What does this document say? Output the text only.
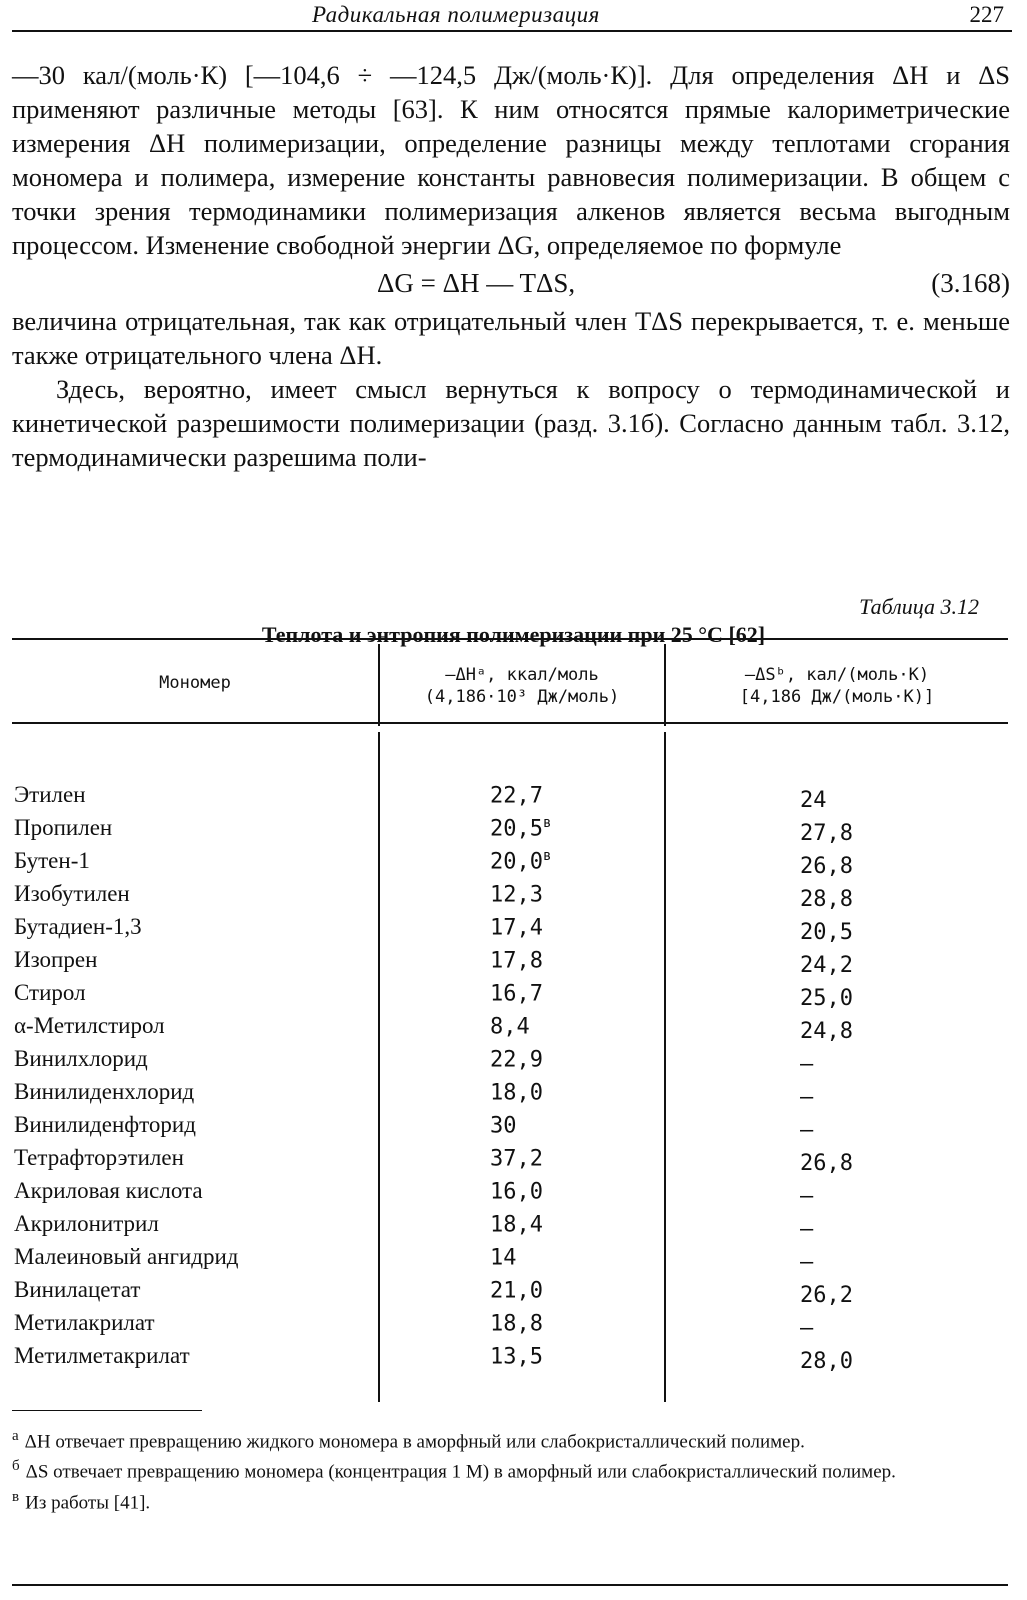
Радикальная полимеризация	227

—30 кал/(моль·К) [—104,6 ÷ —124,5 Дж/(моль·К)]. Для определения ΔH и ΔS применяют различные методы [63]. К ним относятся прямые калориметрические измерения ΔH полимеризации, определение разницы между теплотами сгорания мономера и полимера, измерение константы равновесия полимеризации. В общем с точки зрения термодинамики полимеризация алкенов является весьма выгодным процессом. Изменение свободной энергии ΔG, определяемое по формуле

ΔG = ΔH — TΔS,	(3.168)

величина отрицательная, так как отрицательный член TΔS перекрывается, т. е. меньше также отрицательного члена ΔH.

Здесь, вероятно, имеет смысл вернуться к вопросу о термодинамической и кинетической разрешимости полимеризации (разд. 3.1б). Согласно данным табл. 3.12, термодинамически разрешима поли-

Таблица 3.12
Теплота и энтропия полимеризации при 25 °C [62]
Мономер	–ΔHᵃ, ккал/моль
(4,186·10³ Дж/моль)
–ΔSᵇ, кал/(моль·K)
[4,186 Дж/(моль·K)]
Этилен	22,7	24
Пропилен	$20,5^в$	27,8
Бутен-1	$20,0^в$	26,8
Изобутилен	12,3	28,8
Бутадиен-1,3	17,4	20,5
Изопрен	17,8	24,2
Стирол	16,7	25,0
α-Метилстирол	8,4	24,8
Винилхлорид	22,9	—
Винилиденхлорид	18,0	—
Винилиденфторид	30	—
Тетрафторэтилен	37,2	26,8
Акриловая кислота	16,0	—
Акрилонитрил	18,4	—
Малеиновый ангидрид	14	—
Винилацетат	21,0	26,2
Метилакрилат	18,8	—
Метилметакрилат	13,5	28,0

$^а$ ΔH отвечает превращению жидкого мономера в аморфный или слабокристаллический полимер.

$^б$ ΔS отвечает превращению мономера (концентрация 1 M) в аморфный или слабокристаллический полимер.

$^в$ Из работы [41].
